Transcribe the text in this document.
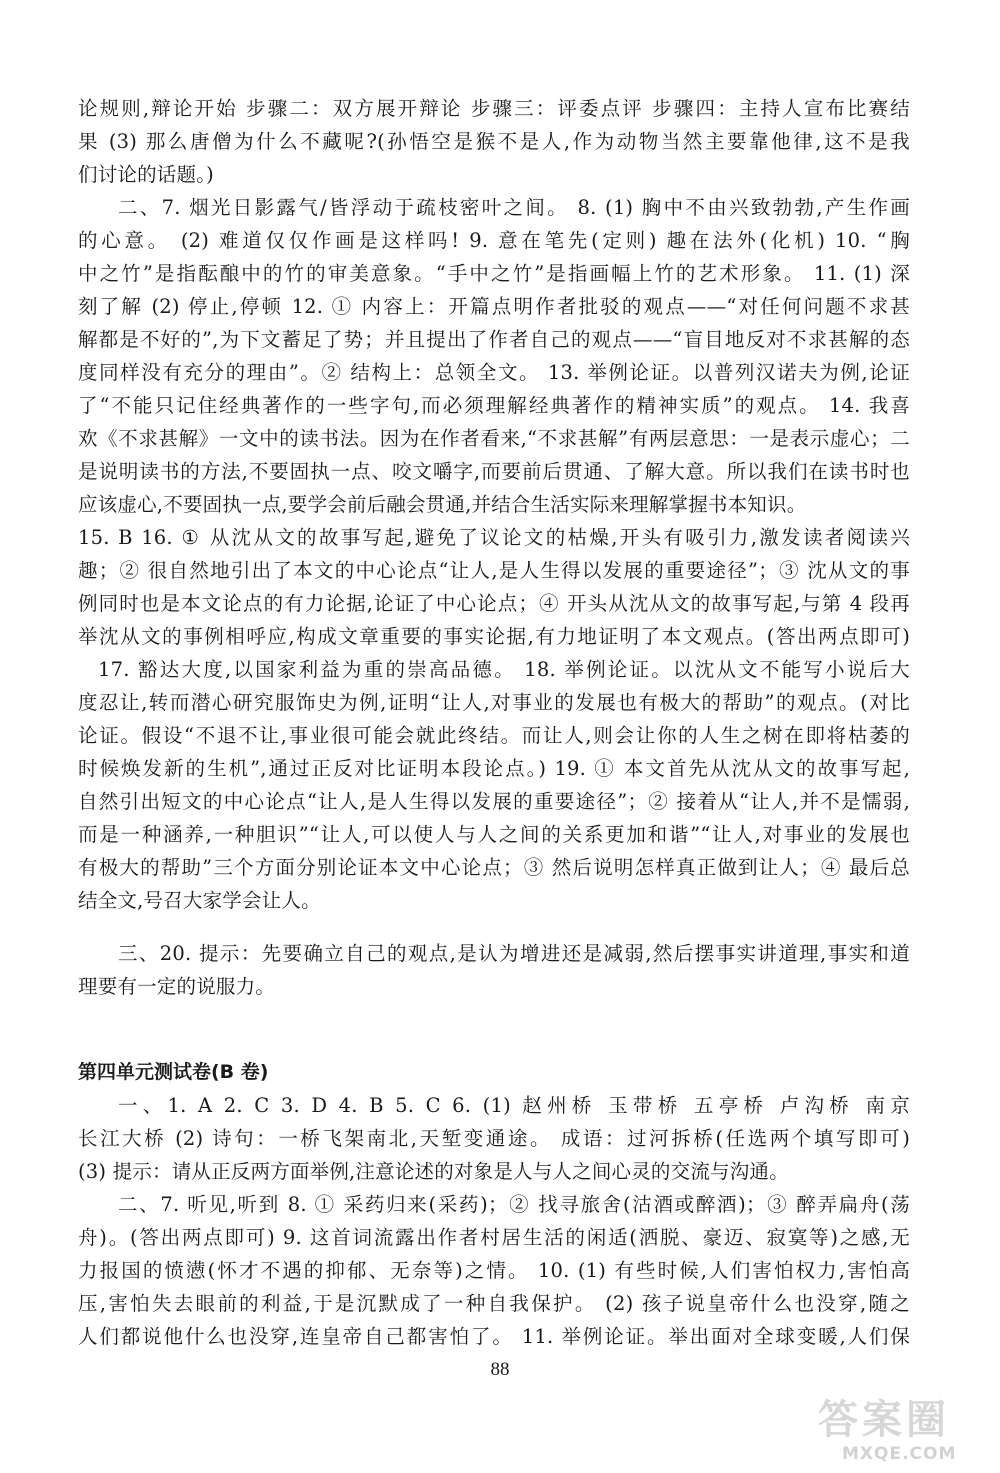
论规则,辩论开始 步骤二：双方展开辩论 步骤三：评委点评 步骤四：主持人宣布比赛结
果 (3) 那么唐僧为什么不藏呢?(孙悟空是猴不是人,作为动物当然主要靠他律,这不是我
们讨论的话题。)
二、7. 烟光日影露气/皆浮动于疏枝密叶之间。 8. (1) 胸中不由兴致勃勃,产生作画
的心意。 (2) 难道仅仅作画是这样吗! 9. 意在笔先(定则) 趣在法外(化机) 10. “胸
中之竹”是指酝酿中的竹的审美意象。“手中之竹”是指画幅上竹的艺术形象。 11. (1) 深
刻了解 (2) 停止,停顿 12. ① 内容上：开篇点明作者批驳的观点——“对任何问题不求甚
解都是不好的”,为下文蓄足了势；并且提出了作者自己的观点——“盲目地反对不求甚解的态
度同样没有充分的理由”。② 结构上：总领全文。 13. 举例论证。以普列汉诺夫为例,论证
了“不能只记住经典著作的一些字句,而必须理解经典著作的精神实质”的观点。 14. 我喜
欢《不求甚解》一文中的读书法。因为在作者看来,“不求甚解”有两层意思：一是表示虚心；二
是说明读书的方法,不要固执一点、咬文嚼字,而要前后贯通、了解大意。所以我们在读书时也
应该虚心,不要固执一点,要学会前后融会贯通,并结合生活实际来理解掌握书本知识。
15. B 16. ① 从沈从文的故事写起,避免了议论文的枯燥,开头有吸引力,激发读者阅读兴
趣；② 很自然地引出了本文的中心论点“让人,是人生得以发展的重要途径”；③ 沈从文的事
例同时也是本文论点的有力论据,论证了中心论点；④ 开头从沈从文的故事写起,与第 4 段再
举沈从文的事例相呼应,构成文章重要的事实论据,有力地证明了本文观点。(答出两点即可)
17. 豁达大度,以国家利益为重的崇高品德。 18. 举例论证。以沈从文不能写小说后大
度忍让,转而潜心研究服饰史为例,证明“让人,对事业的发展也有极大的帮助”的观点。(对比
论证。假设“不退不让,事业很可能会就此终结。而让人,则会让你的人生之树在即将枯萎的
时候焕发新的生机”,通过正反对比证明本段论点。) 19. ① 本文首先从沈从文的故事写起,
自然引出短文的中心论点“让人,是人生得以发展的重要途径”；② 接着从“让人,并不是懦弱,
而是一种涵养,一种胆识”“让人,可以使人与人之间的关系更加和谐”“让人,对事业的发展也
有极大的帮助”三个方面分别论证本文中心论点；③ 然后说明怎样真正做到让人；④ 最后总
结全文,号召大家学会让人。
三、20. 提示：先要确立自己的观点,是认为增进还是减弱,然后摆事实讲道理,事实和道
理要有一定的说服力。
第四单元测试卷(B 卷)
一、1. A 2. C 3. D 4. B 5. C 6. (1) 赵州桥 玉带桥 五亭桥 卢沟桥 南京
长江大桥 (2) 诗句：一桥飞架南北,天堑变通途。 成语：过河拆桥(任选两个填写即可)
(3) 提示：请从正反两方面举例,注意论述的对象是人与人之间心灵的交流与沟通。
二、7. 听见,听到 8. ① 采药归来(采药)；② 找寻旅舍(沽酒或醉酒)；③ 醉弄扁舟(荡
舟)。(答出两点即可) 9. 这首词流露出作者村居生活的闲适(洒脱、豪迈、寂寞等)之感,无
力报国的愤懑(怀才不遇的抑郁、无奈等)之情。 10. (1) 有些时候,人们害怕权力,害怕高
压,害怕失去眼前的利益,于是沉默成了一种自我保护。 (2) 孩子说皇帝什么也没穿,随之
人们都说他什么也没穿,连皇帝自己都害怕了。 11. 举例论证。举出面对全球变暖,人们保
88
答案圈
MXQE.COM
